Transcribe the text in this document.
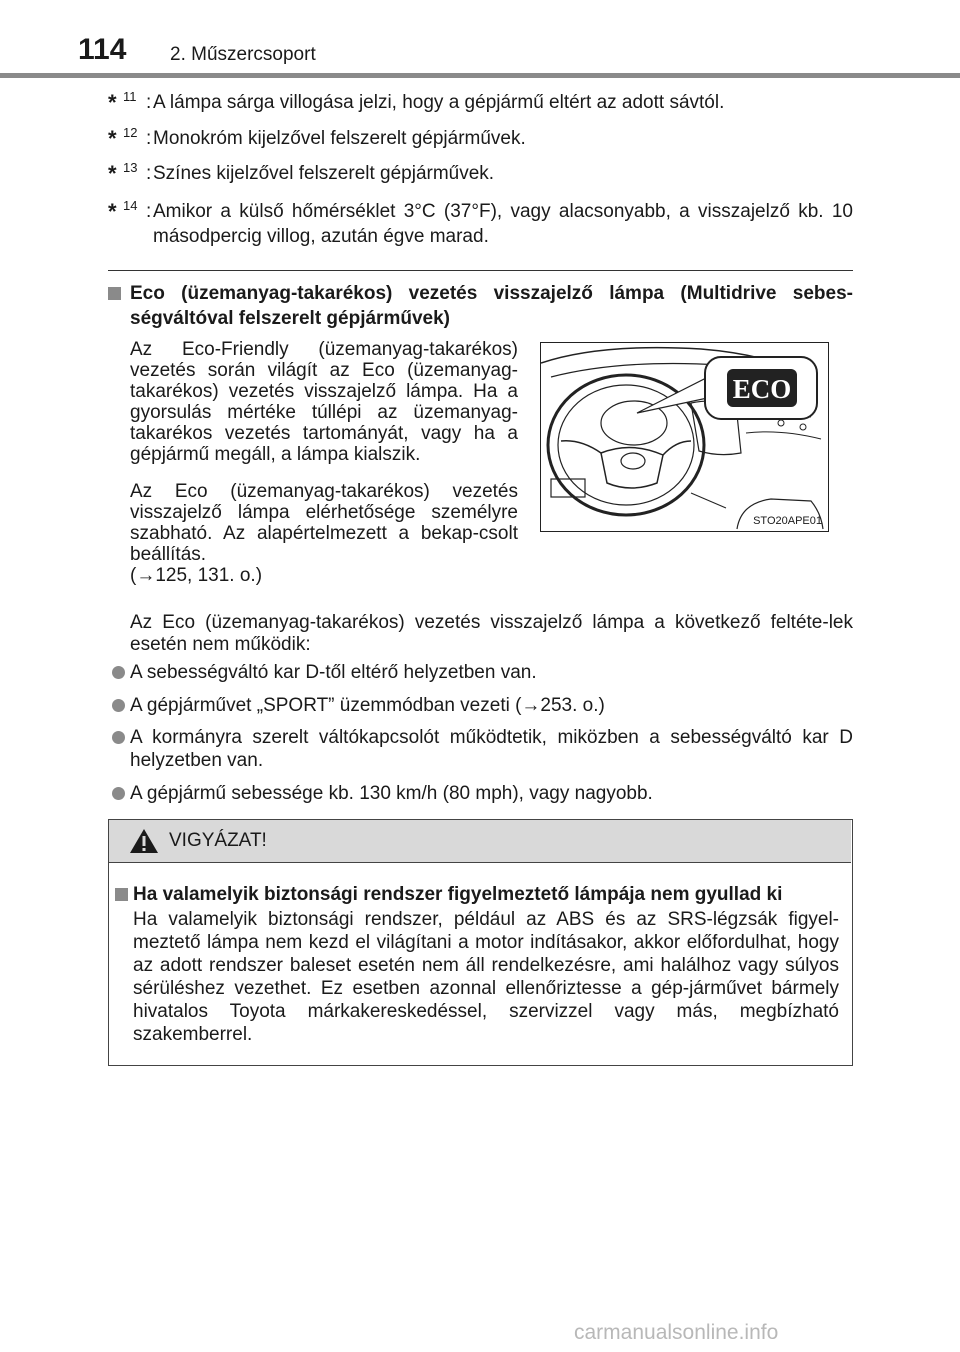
114 2. Műszercsoport
* 11 : A lámpa sárga villogása jelzi, hogy a gépjármű eltért az adott sávtól.
* 12 : Monokróm kijelzővel felszerelt gépjárművek.
* 13 : Színes kijelzővel felszerelt gépjárművek.
* 14 : Amikor a külső hőmérséklet 3°C (37°F), vagy alacsonyabb, a visszajelző kb. 10 másodpercig villog, azután égve marad.
Eco (üzemanyag-takarékos) vezetés visszajelző lámpa (Multidrive sebes-ségváltóval felszerelt gépjárművek)
Az Eco-Friendly (üzemanyag-takarékos) vezetés során világít az Eco (üzemanyag-takarékos) vezetés visszajelző lámpa. Ha a gyorsulás mértéke túllépi az üzemanyag-takarékos vezetés tartományát, vagy ha a gépjármű megáll, a lámpa kialszik.
Az Eco (üzemanyag-takarékos) vezetés visszajelző lámpa elérhetősége személyre szabható. Az alapértelmezett a bekap-csolt beállítás.
(→125, 131. o.)
ECO
STO20APE01
Az Eco (üzemanyag-takarékos) vezetés visszajelző lámpa a következő feltéte-lek esetén nem működik:
A sebességváltó kar D-től eltérő helyzetben van.
A gépjárművet „SPORT” üzemmódban vezeti (→253. o.)
A kormányra szerelt váltókapcsolót működtetik, miközben a sebességváltó kar D helyzetben van.
A gépjármű sebessége kb. 130 km/h (80 mph), vagy nagyobb.
VIGYÁZAT!
Ha valamelyik biztonsági rendszer figyelmeztető lámpája nem gyullad ki
Ha valamelyik biztonsági rendszer, például az ABS és az SRS-légzsák figyel-meztető lámpa nem kezd el világítani a motor indításakor, akkor előfordulhat, hogy az adott rendszer baleset esetén nem áll rendelkezésre, ami halálhoz vagy súlyos sérüléshez vezethet. Ez esetben azonnal ellenőriztesse a gép-járművet bármely hivatalos Toyota márkakereskedéssel, szervizzel vagy más, megbízható szakemberrel.
carmanualsonline.info
